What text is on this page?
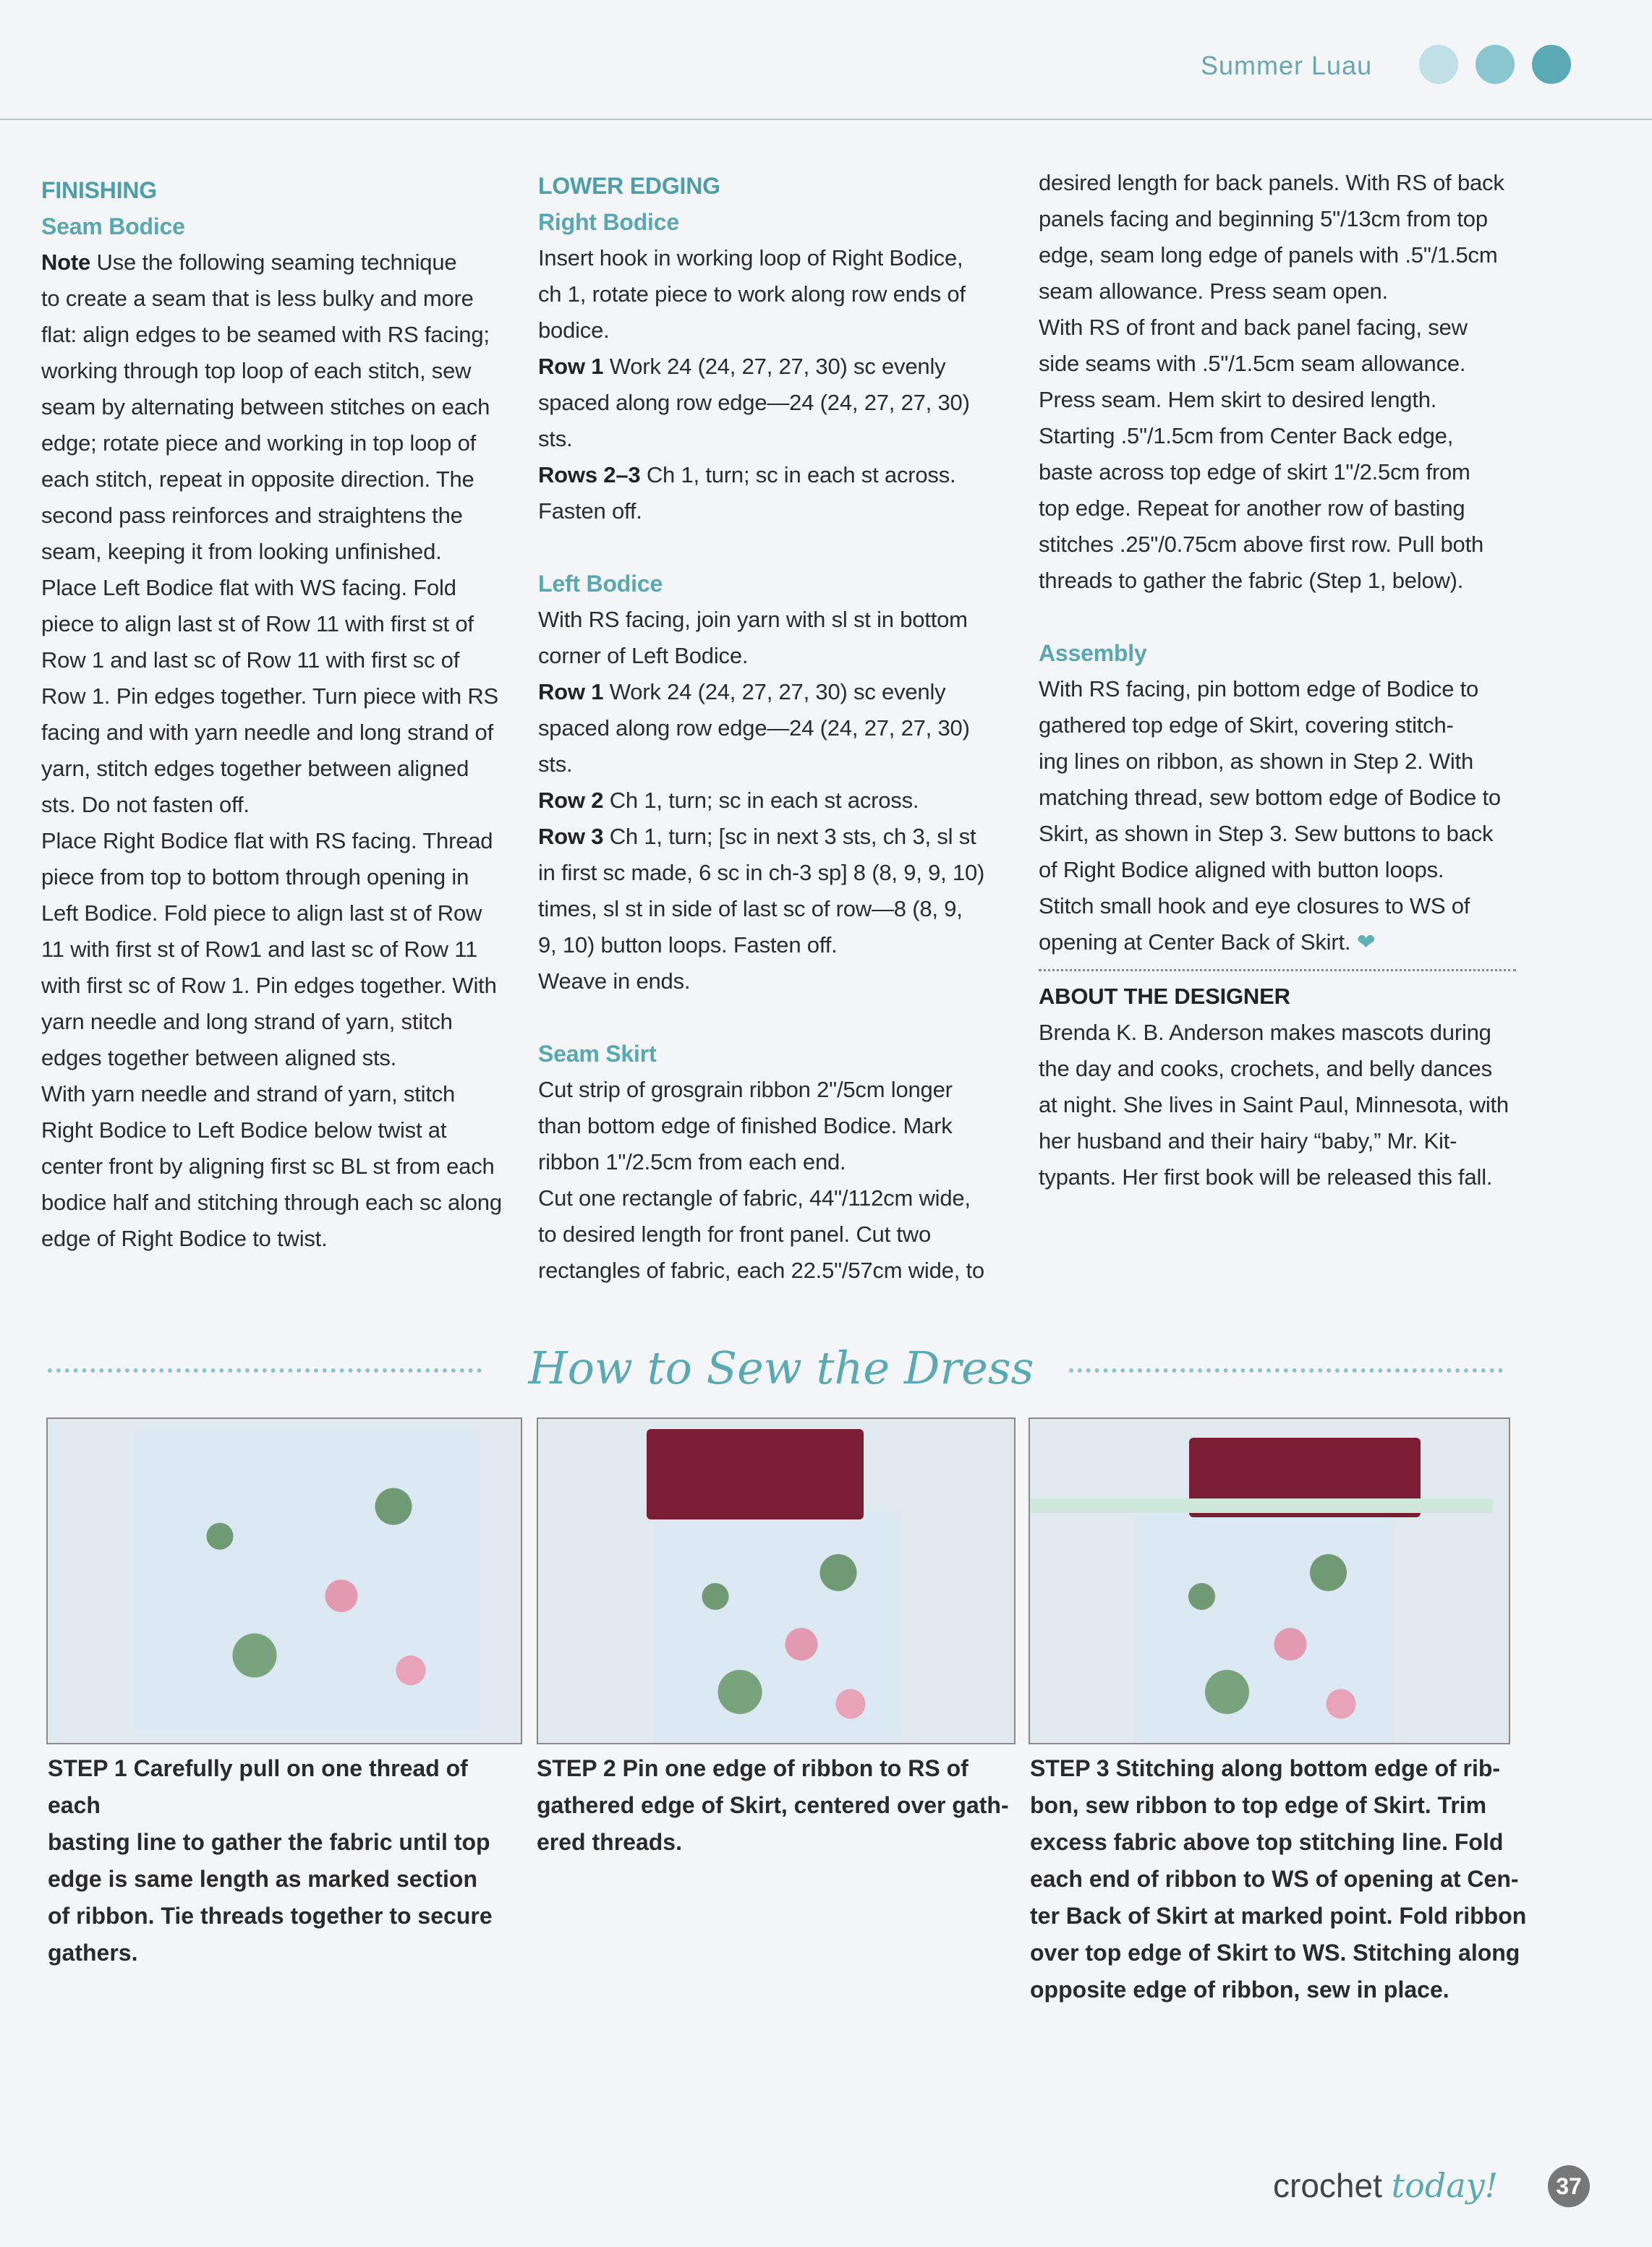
Summer Luau

FINISHING

Seam Bodice

Note Use the following seaming technique

to create a seam that is less bulky and more

flat: align edges to be seamed with RS facing;

working through top loop of each stitch, sew

seam by alternating between stitches on each

edge; rotate piece and working in top loop of

each stitch, repeat in opposite direction. The

second pass reinforces and straightens the

seam, keeping it from looking unfinished.

Place Left Bodice flat with WS facing. Fold

piece to align last st of Row 11 with first st of

Row 1 and last sc of Row 11 with first sc of

Row 1. Pin edges together. Turn piece with RS

facing and with yarn needle and long strand of

yarn, stitch edges together between aligned

sts. Do not fasten off.

Place Right Bodice flat with RS facing. Thread

piece from top to bottom through opening in

Left Bodice. Fold piece to align last st of Row

11 with first st of Row1 and last sc of Row 11

with first sc of Row 1. Pin edges together. With

yarn needle and long strand of yarn, stitch

edges together between aligned sts.

With yarn needle and strand of yarn, stitch

Right Bodice to Left Bodice below twist at

center front by aligning first sc BL st from each

bodice half and stitching through each sc along

edge of Right Bodice to twist.

LOWER EDGING

Right Bodice

Insert hook in working loop of Right Bodice,

ch 1, rotate piece to work along row ends of

bodice.

Row 1 Work 24 (24, 27, 27, 30) sc evenly

spaced along row edge—24 (24, 27, 27, 30)

sts.

Rows 2–3 Ch 1, turn; sc in each st across.

Fasten off.

Left Bodice

With RS facing, join yarn with sl st in bottom

corner of Left Bodice.

Row 1 Work 24 (24, 27, 27, 30) sc evenly

spaced along row edge—24 (24, 27, 27, 30)

sts.

Row 2 Ch 1, turn; sc in each st across.

Row 3 Ch 1, turn; [sc in next 3 sts, ch 3, sl st

in first sc made, 6 sc in ch-3 sp] 8 (8, 9, 9, 10)

times, sl st in side of last sc of row—8 (8, 9,

9, 10) button loops. Fasten off.

Weave in ends.

Seam Skirt

Cut strip of grosgrain ribbon 2"/5cm longer

than bottom edge of finished Bodice. Mark

ribbon 1"/2.5cm from each end.

Cut one rectangle of fabric, 44"/112cm wide,

to desired length for front panel. Cut two

rectangles of fabric, each 22.5"/57cm wide, to

desired length for back panels. With RS of back

panels facing and beginning 5"/13cm from top

edge, seam long edge of panels with .5"/1.5cm

seam allowance. Press seam open.

With RS of front and back panel facing, sew

side seams with .5"/1.5cm seam allowance.

Press seam. Hem skirt to desired length.

Starting .5"/1.5cm from Center Back edge,

baste across top edge of skirt 1"/2.5cm from

top edge. Repeat for another row of basting

stitches .25"/0.75cm above first row. Pull both

threads to gather the fabric (Step 1, below).

Assembly

With RS facing, pin bottom edge of Bodice to

gathered top edge of Skirt, covering stitch-

ing lines on ribbon, as shown in Step 2. With

matching thread, sew bottom edge of Bodice to

Skirt, as shown in Step 3. Sew buttons to back

of Right Bodice aligned with button loops.

Stitch small hook and eye closures to WS of

opening at Center Back of Skirt. ❤

ABOUT THE DESIGNER

Brenda K. B. Anderson makes mascots during

the day and cooks, crochets, and belly dances

at night. She lives in Saint Paul, Minnesota, with

her husband and their hairy “baby,” Mr. Kit-

typants. Her first book will be released this fall.

How to Sew the Dress
STEP 1 Carefully pull on one thread of each
basting line to gather the fabric until top
edge is same length as marked section
of ribbon. Tie threads together to secure
gathers.
STEP 2 Pin one edge of ribbon to RS of
gathered edge of Skirt, centered over gath-
ered threads.
STEP 3 Stitching along bottom edge of rib-
bon, sew ribbon to top edge of Skirt. Trim
excess fabric above top stitching line. Fold
each end of ribbon to WS of opening at Cen-
ter Back of Skirt at marked point. Fold ribbon
over top edge of Skirt to WS. Stitching along
opposite edge of ribbon, sew in place.
crochet today!	37
